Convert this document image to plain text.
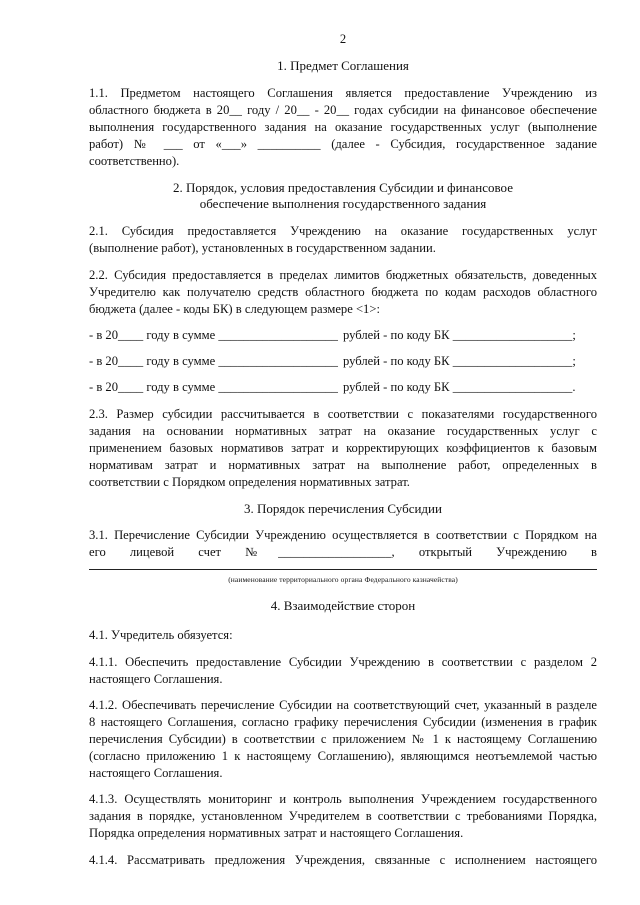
2
1. Предмет Соглашения
1.1. Предметом настоящего Соглашения является предоставление Учреждению из
областного бюджета в 20__ году / 20__ - 20__ годах субсидии на финансовое обеспечение
выполнения государственного задания на оказание государственных услуг (выполнение
работ) № ___ от «___» __________ (далее - Субсидия, государственное задание
соответственно).
2. Порядок, условия предоставления Субсидии и финансовое
обеспечение выполнения государственного задания
2.1. Субсидия предоставляется Учреждению на оказание государственных услуг
(выполнение работ), установленных в государственном задании.
2.2. Субсидия предоставляется в пределах лимитов бюджетных обязательств, доведенных
Учредителю как получателю средств областного бюджета по кодам расходов областного
бюджета (далее - коды БК) в следующем размере <1>:
- в 20____ году в сумме ___________________ рублей - по коду БК ___________________;
- в 20____ году в сумме ___________________ рублей - по коду БК ___________________;
- в 20____ году в сумме ___________________ рублей - по коду БК ___________________.
2.3. Размер субсидии рассчитывается в соответствии с показателями государственного
задания на основании нормативных затрат на оказание государственных услуг с
применением базовых нормативов затрат и корректирующих коэффициентов к базовым
нормативам затрат и нормативных затрат на выполнение работ, определенных в
соответствии с Порядком определения нормативных затрат.
3. Порядок перечисления Субсидии
3.1. Перечисление Субсидии Учреждению осуществляется в соответствии с Порядком на
его лицевой счет №__________________, открытый Учреждению в
(наименование территориального органа Федерального казначейства)
4. Взаимодействие сторон
4.1. Учредитель обязуется:
4.1.1. Обеспечить предоставление Субсидии Учреждению в соответствии с разделом 2
настоящего Соглашения.
4.1.2. Обеспечивать перечисление Субсидии на соответствующий счет, указанный в разделе
8 настоящего Соглашения, согласно графику перечисления Субсидии (изменения в график
перечисления Субсидии) в соответствии с приложением № 1 к настоящему Соглашению
(согласно приложению 1 к настоящему Соглашению), являющимся неотъемлемой частью
настоящего Соглашения.
4.1.3. Осуществлять мониторинг и контроль выполнения Учреждением государственного
задания в порядке, установленном Учредителем в соответствии с требованиями Порядка,
Порядка определения нормативных затрат и настоящего Соглашения.
4.1.4. Рассматривать предложения Учреждения, связанные с исполнением настоящего
